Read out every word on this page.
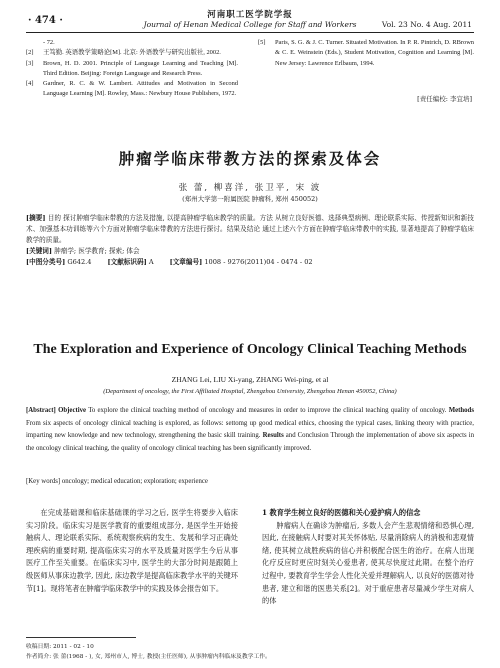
河南职工医学院学报
· 474 ·	Journal of Henan Medical College for Staff and Workers	Vol. 23 No. 4 Aug. 2011
- 72.
[2]	王笃勤. 英语教学策略论[M]. 北京: 外语教学与研究出版社, 2002.
[3]	Brown, H. D. 2001. Principle of Language Learning and Teaching [M]. Third Edition. Beijing: Foreign Language and Research Press.
[4]	Gardner, R. C. & W. Lambert. Attitudes and Motivation in Second Language Learning [M]. Rowley, Mass.: Newbury House Publishers, 1972.
[5]	Paris, S. G. & J. C. Turner. Situated Motivation. In P. R. Pintrich, D. RBrown & C. E. Weinstein (Eds.), Student Motivation, Cognition and Learning [M]. New Jersey: Lawrence Erlbaum, 1994.
[责任编校: 李宜培]
肿瘤学临床带教方法的探索及体会
张 蕾, 柳喜洋, 张卫平, 宋 波
(郑州大学第一附属医院 肿瘤科, 郑州 450052)

[摘要] 目的 探讨肿瘤学临床带教的方法及措施, 以提高肿瘤学临床教学的质量。方法 从树立良好医德、选择典型病例、理论联系实际、传授新知识和新技术、加强基本功训练等六个方面对肿瘤学临床带教的方法进行探讨。结果及结论 通过上述六个方面在肿瘤学临床带教中的实践, 显著地提高了肿瘤学临床教学的质量。

[关键词] 肿瘤学; 医学教育; 探索; 体会

[中图分类号] G642.4 [文献标识码] A [文章编号] 1008 - 9276(2011)04 - 0474 - 02
The Exploration and Experience of Oncology Clinical Teaching Methods
ZHANG Lei, LIU Xi-yang, ZHANG Wei-ping, et al
(Department of oncology, the First Affiliated Hospital, Zhengzhou University, Zhengzhou Henan 450052, China)

[Abstract] Objective To explore the clinical teaching method of oncology and measures in order to improve the clinical teaching quality of oncology. Methods From six aspects of oncology clinical teaching is explored, as follows: settomg up good medical ethics, choosing the typical cases, linking theory with practice, imparting new knowledge and new technology, strengthening the basic skill training. Results and Conclusion Through the implementation of above six aspects in the oncology clinical teaching, the quality of oncology clinical teaching has been significantly improved.

[Key words] oncology; medical education; exploration; experience

在完成基础课和临床基础课的学习之后, 医学生将要步入临床实习阶段。临床实习是医学教育的重要组成部分, 是医学生开始接触病人、理论联系实际、系统观察疾病的发生、发展和学习正确处理疾病的重要时期, 提高临床实习的水平及质量对医学生今后从事医疗工作至关重要。在临床实习中, 医学生的大部分时间是跟随上级医师从事床边教学, 因此, 床边教学是提高临床教学水平的关键环节[1]。现将笔者在肿瘤学临床教学中的实践及体会报告如下。

1 教育学生树立良好的医德和关心爱护病人的信念

肿瘤病人在确诊为肿瘤后, 多数人会产生悲观情绪和恐惧心理, 因此, 在接触病人时要对其关怀体贴, 尽量消除病人的消极和悲观情绪, 使其树立战胜疾病的信心并积极配合医生的治疗。在病人出现化疗反应时更应时刻关心爱患者, 使其尽快度过此期。在整个治疗过程中, 要教育学生学会人性化关爱并理解病人, 以良好的医德对待患者, 建立和谐的医患关系[2]。对于重症患者尽量减少学生对病人的体

收稿日期: 2011 - 02 - 10
作者简介: 张 蕾(1968 - ), 女, 郑州市人, 博士, 教授(主任医师), 从事肿瘤内科临床及教学工作。
